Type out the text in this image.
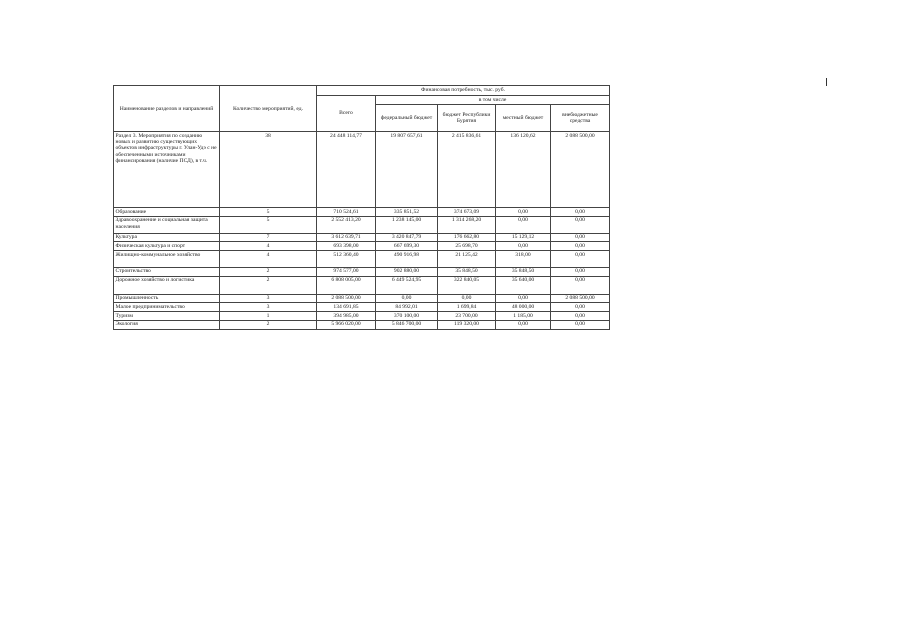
Наименование разделов и направлений	Количество мероприятий, ед.	Финансовая потребность, тыс. руб.				
		Всего	в том числе			
			федеральный бюджет	бюджет Республики Бурятия	местный бюджет	внебюджетные средства
Раздел 3. Мероприятия по созданию новых и развитию существующих объектов инфраструктуры г. Улан-Удэ с не обеспеченными источниками финансирования (наличие ПСД), в т.ч.	38	24 448 114,77	19 807 657,61	2 415 836,61	136 120,62	2 088 500,00
Образование	5	710 524,61	335 851,52	374 673,09	0,00	0,00
Здравоохранение и социальная защита населения	5	2 552 413,20	1 238 145,00	1 314 268,20	0,00	0,00
Культура	7	3 612 639,71	3 420 847,79	176 662,80	15 129,12	0,00
Физическая культура и спорт	4	693 398,00	667 699,30	25 698,70	0,00	0,00
Жилищно-коммунальное хозяйство	4	512 360,40	490 916,98	21 125,42	318,00	0,00
Строительство	2	974 577,00	902 880,00	35 848,50	35 848,50	0,00
Дорожное хозяйство и логистика	2	6 808 005,00	6 449 524,95	322 840,05	35 640,00	0,00
Промышленность	3	2 088 500,00	0,00	0,00	0,00	2 088 500,00
Малое предпринимательство	3	134 691,85	84 992,01	1 699,84	48 000,00	0,00
Туризм	1	394 985,00	370 100,00	23 700,00	1 185,00	0,00
Экология	2	5 966 020,00	5 846 700,00	119 320,00	0,00	0,00
